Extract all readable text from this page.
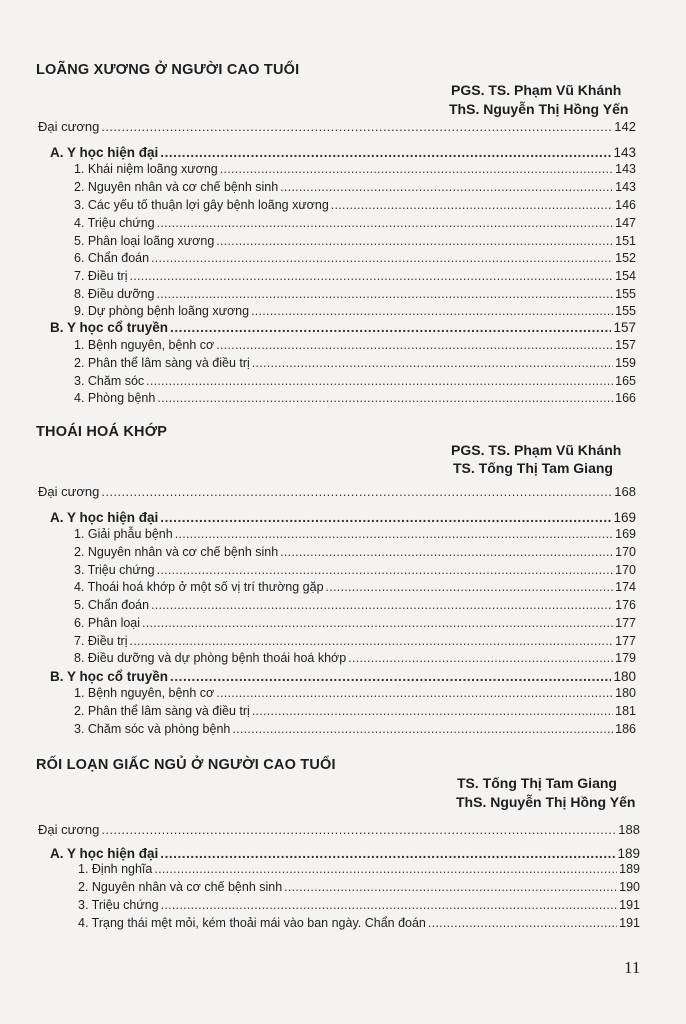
LOÃNG XƯƠNG Ở NGƯỜI CAO TUỔI
PGS. TS. Phạm Vũ Khánh
ThS. Nguyễn Thị Hồng Yến
Đại cương . . .	142
A. Y học hiện đại . . .	143
1. Khái niệm loãng xương . . .	143
2. Nguyên nhân và cơ chế bệnh sinh . . .	143
3. Các yếu tố thuận lợi gây bệnh loãng xương . . .	146
4. Triệu chứng . . .	147
5. Phân loại loãng xương . . .	151
6. Chẩn đoán . . .	152
7. Điều trị . . .	154
8. Điều dưỡng . . .	155
9. Dự phòng bệnh loãng xương . . .	155
B. Y học cổ truyền . . .	157
1. Bệnh nguyên, bệnh cơ . . .	157
2. Phân thể lâm sàng và điều trị . . .	159
3. Chăm sóc . . .	165
4. Phòng bệnh . . .	166
THOÁI HOÁ KHỚP
PGS. TS. Phạm Vũ Khánh
TS. Tống Thị Tam Giang
Đại cương . . .	168
A. Y học hiện đại . . .	169
1. Giải phẫu bệnh . . .	169
2. Nguyên nhân và cơ chế bệnh sinh . . .	170
3. Triệu chứng . . .	170
4. Thoái hoá khớp ở một số vị trí thường gặp . . .	174
5. Chẩn đoán . . .	176
6. Phân loại . . .	177
7. Điều trị . . .	177
8. Điều dưỡng và dự phòng bệnh thoái hoá khớp . . .	179
B. Y học cổ truyền . . .	180
1. Bệnh nguyên, bệnh cơ . . .	180
2. Phân thể lâm sàng và điều trị . . .	181
3. Chăm sóc và phòng bệnh . . .	186
RỐI LOẠN GIẤC NGỦ Ở NGƯỜI CAO TUỔI
TS. Tống Thị Tam Giang
ThS. Nguyễn Thị Hồng Yến
Đại cương . . .	188
A. Y học hiện đại . . .	189
1. Định nghĩa . . .	189
2. Nguyên nhân và cơ chế bệnh sinh . . .	190
3. Triệu chứng . . .	191
4. Trạng thái mệt mỏi, kém thoải mái vào ban ngày. Chẩn đoán . . .	191
11
